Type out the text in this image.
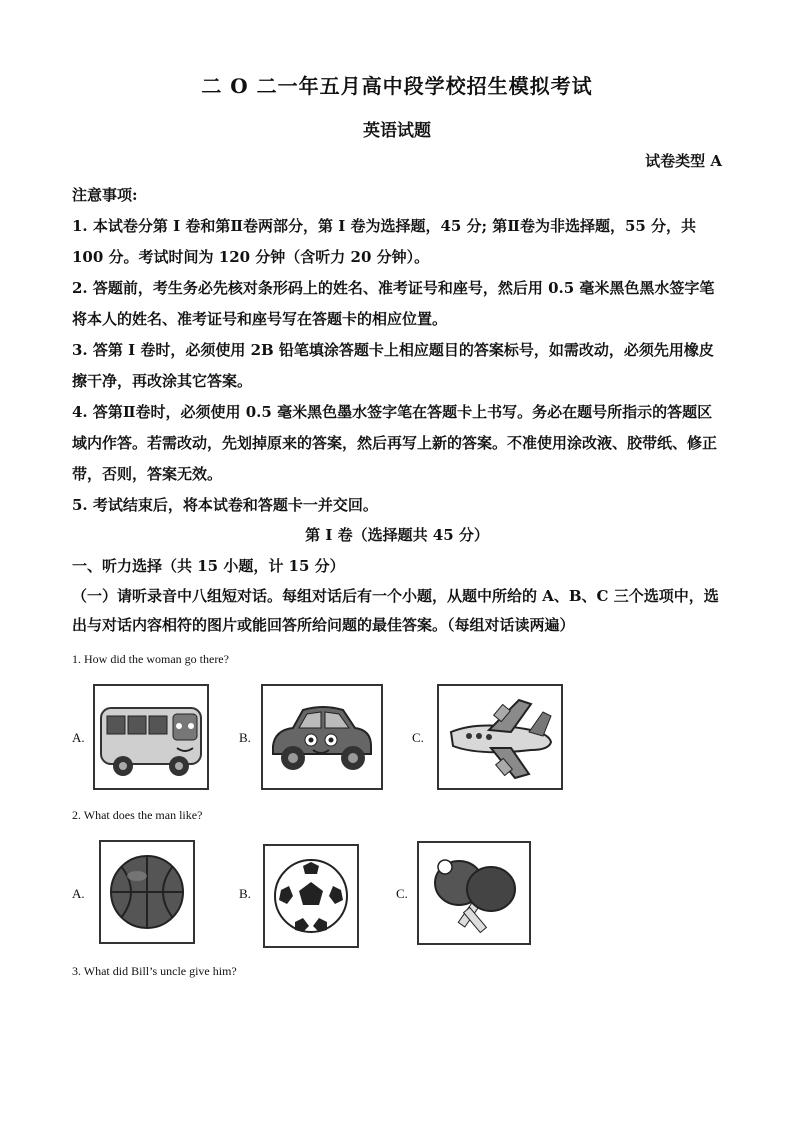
二 O 二一年五月高中段学校招生模拟考试
英语试题
试卷类型 A

注意事项:

1. 本试卷分第 I 卷和第Ⅱ卷两部分，第 I 卷为选择题，45 分; 第Ⅱ卷为非选择题，55 分，共 100 分。考试时间为 120 分钟（含听力 20 分钟）。

2. 答题前，考生务必先核对条形码上的姓名、准考证号和座号，然后用 0.5 毫米黑色黑水签字笔将本人的姓名、准考证号和座号写在答题卡的相应位置。

3. 答第 I 卷时，必须使用 2B 铅笔填涂答题卡上相应题目的答案标号，如需改动，必须先用橡皮擦干净，再改涂其它答案。

4. 答第Ⅱ卷时，必须使用 0.5 毫米黑色墨水签字笔在答题卡上书写。务必在题号所指示的答题区域内作答。若需改动，先划掉原来的答案，然后再写上新的答案。不准使用涂改液、胶带纸、修正带，否则，答案无效。

5. 考试结束后，将本试卷和答题卡一并交回。

第 I 卷（选择题共 45 分）
一、听力选择（共 15 小题，计 15 分）
（一）请听录音中八组短对话。每组对话后有一个小题，从题中所给的 A、B、C 三个选项中，选出与对话内容相符的图片或能回答所给问题的最佳答案。（每组对话读两遍）
1. How did the woman go there?
A.	B.	C.
2. What does the man like?
A.	B.	C.
3. What did Bill’s uncle give him?
